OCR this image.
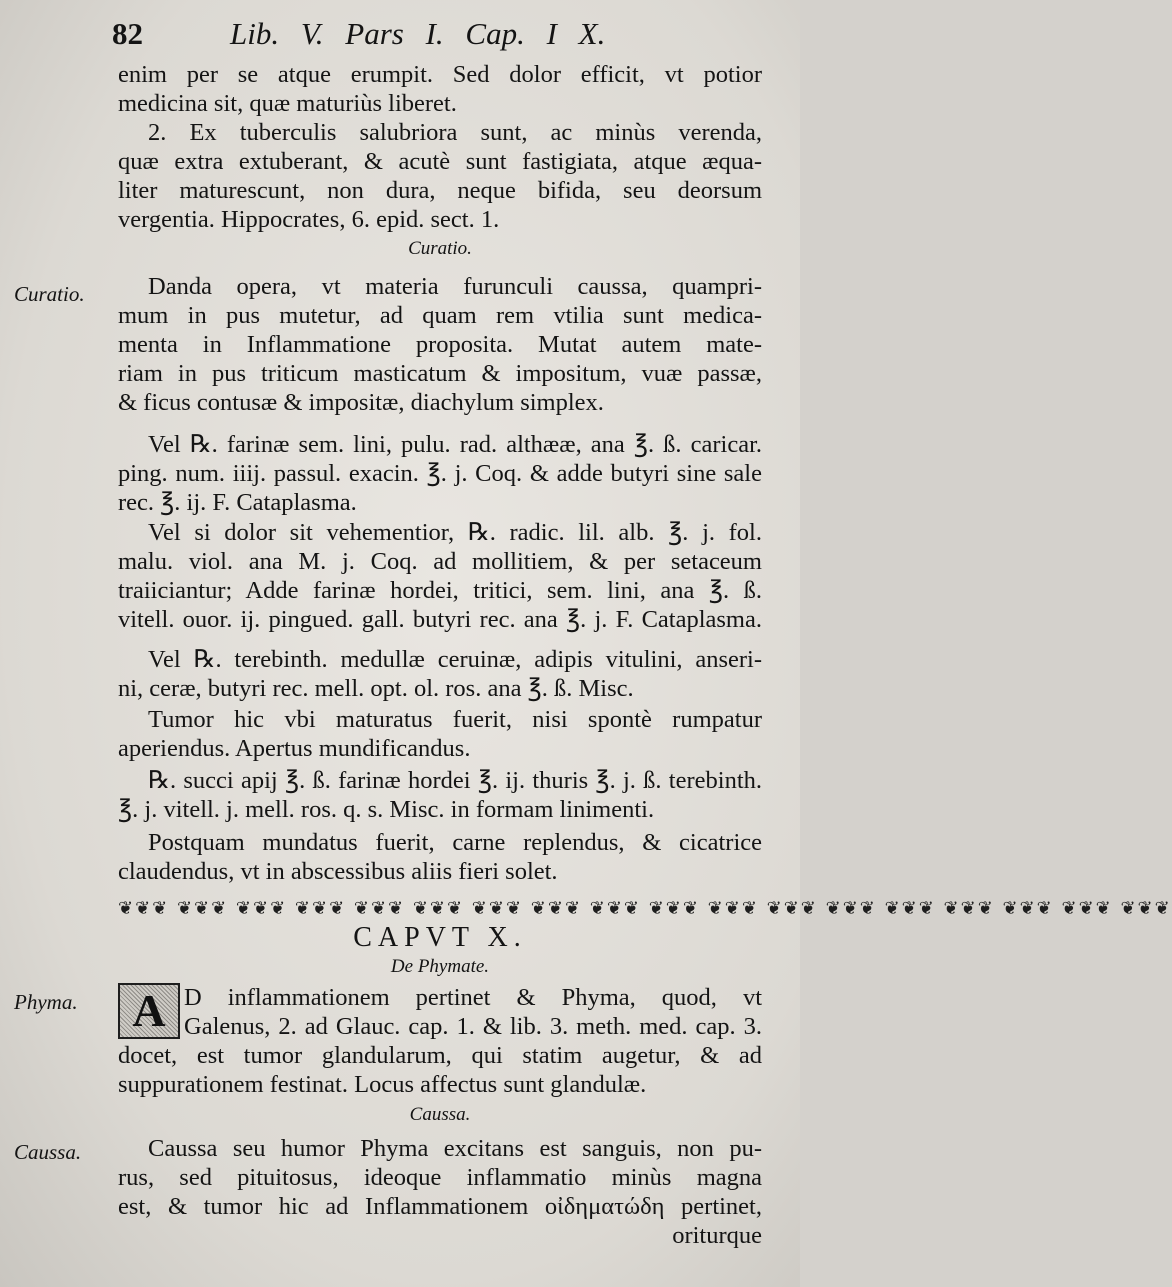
82	Lib. V. Pars I. Cap. I X.

enim per se atque erumpit. Sed dolor efficit, vt potior
medicina sit, quæ maturiùs liberet.
2. Ex tuberculis salubriora sunt, ac minùs verenda,
quæ extra extuberant, & acutè sunt fastigiata, atque æqua-
liter maturescunt, non dura, neque bifida, seu deorsum
vergentia. Hippocrates, 6. epid. sect. 1.
Curatio.
Curatio.	Danda opera, vt materia furunculi caussa, quampri-
mum in pus mutetur, ad quam rem vtilia sunt medica-
menta in Inflammatione proposita. Mutat autem mate-
riam in pus triticum masticatum & impositum, vuæ passæ,
& ficus contusæ & impositæ, diachylum simplex.
Vel ℞. farinæ sem. lini, pulu. rad. althææ, ana ℥. ß. caricar.
ping. num. iiij. passul. exacin. ℥. j. Coq. & adde butyri sine sale
rec. ℥. ij. F. Cataplasma.
Vel si dolor sit vehementior, ℞. radic. lil. alb. ℥. j. fol.
malu. viol. ana M. j. Coq. ad mollitiem, & per setaceum
traiiciantur; Adde farinæ hordei, tritici, sem. lini, ana ℥. ß.
vitell. ouor. ij. pingued. gall. butyri rec. ana ℥. j. F. Cataplasma.
Vel ℞. terebinth. medullæ ceruinæ, adipis vitulini, anseri-
ni, ceræ, butyri rec. mell. opt. ol. ros. ana ℥. ß. Misc.
Tumor hic vbi maturatus fuerit, nisi spontè rumpatur
aperiendus. Apertus mundificandus.
℞. succi apij ℥. ß. farinæ hordei ℥. ij. thuris ℥. j. ß. terebinth.
℥. j. vitell. j. mell. ros. q. s. Misc. in formam linimenti.
Postquam mundatus fuerit, carne replendus, & cicatrice
claudendus, vt in abscessibus aliis fieri solet.
❦❦❦ ❦❦❦ ❦❦❦ ❦❦❦ ❦❦❦ ❦❦❦ ❦❦❦ ❦❦❦ ❦❦❦ ❦❦❦ ❦❦❦ ❦❦❦ ❦❦❦ ❦❦❦ ❦❦❦ ❦❦❦ ❦❦❦ ❦❦❦
CAPVT X.
De Phymate.
Phyma.	A D inflammationem pertinet & Phyma, quod, vt
Galenus, 2. ad Glauc. cap. 1. & lib. 3. meth. med. cap. 3.
docet, est tumor glandularum, qui statim augetur, & ad
suppurationem festinat. Locus affectus sunt glandulæ.
Caussa.
Caussa.	Caussa seu humor Phyma excitans est sanguis, non pu-
rus, sed pituitosus, ideoque inflammatio minùs magna
est, & tumor hic ad Inflammationem οἰδηματώδη pertinet,
oriturque
